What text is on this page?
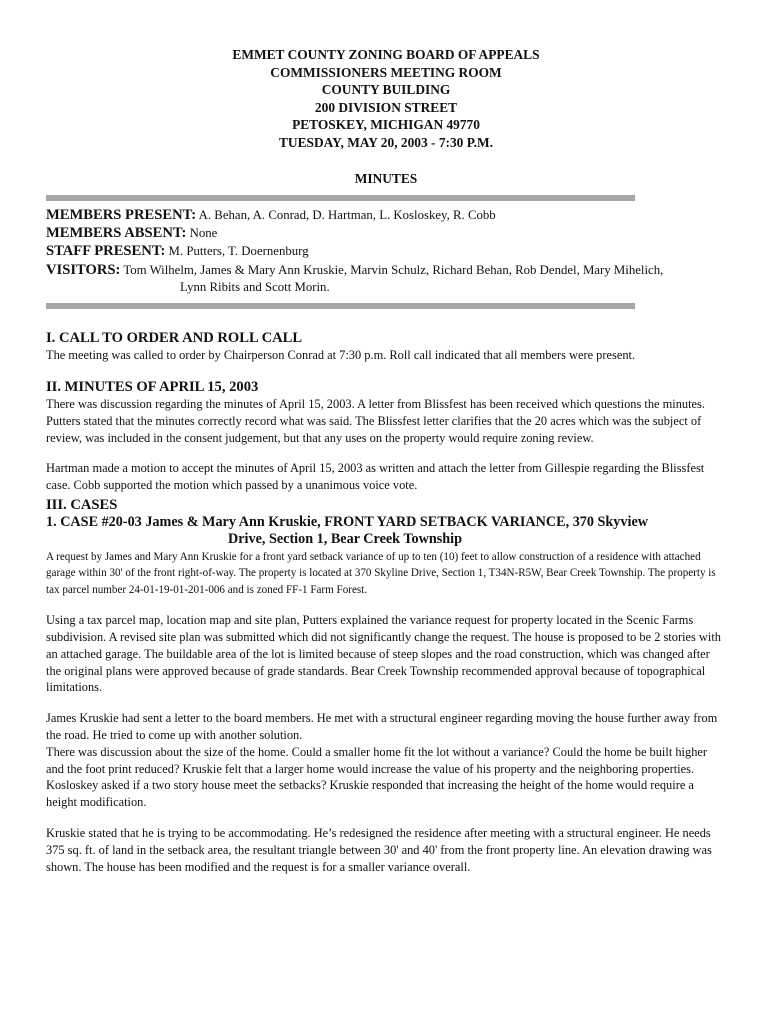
EMMET COUNTY ZONING BOARD OF APPEALS
COMMISSIONERS MEETING ROOM
COUNTY BUILDING
200 DIVISION STREET
PETOSKEY, MICHIGAN 49770
TUESDAY, MAY 20, 2003 - 7:30 P.M.
MINUTES
MEMBERS PRESENT: A. Behan, A. Conrad, D. Hartman, L. Kosloskey, R. Cobb
MEMBERS ABSENT: None
STAFF PRESENT: M. Putters, T. Doernenburg
VISITORS: Tom Wilhelm, James & Mary Ann Kruskie, Marvin Schulz, Richard Behan, Rob Dendel, Mary Mihelich,
Lynn Ribits and Scott Morin.
I. CALL TO ORDER AND ROLL CALL

The meeting was called to order by Chairperson Conrad at 7:30 p.m. Roll call indicated that all members were present.

II. MINUTES OF APRIL 15, 2003

There was discussion regarding the minutes of April 15, 2003. A letter from Blissfest has been received which questions the minutes. Putters stated that the minutes correctly record what was said. The Blissfest letter clarifies that the 20 acres which was the subject of review, was included in the consent judgement, but that any uses on the property would require zoning review.

Hartman made a motion to accept the minutes of April 15, 2003 as written and attach the letter from Gillespie regarding the Blissfest case. Cobb supported the motion which passed by a unanimous voice vote.

III. CASES
1. CASE #20-03 James & Mary Ann Kruskie, FRONT YARD SETBACK VARIANCE, 370 Skyview
Drive, Section 1, Bear Creek Township

A request by James and Mary Ann Kruskie for a front yard setback variance of up to ten (10) feet to allow construction of a residence with attached garage within 30' of the front right-of-way. The property is located at 370 Skyline Drive, Section 1, T34N-R5W, Bear Creek Township. The property is tax parcel number 24-01-19-01-201-006 and is zoned FF-1 Farm Forest.

Using a tax parcel map, location map and site plan, Putters explained the variance request for property located in the Scenic Farms subdivision. A revised site plan was submitted which did not significantly change the request. The house is proposed to be 2 stories with an attached garage. The buildable area of the lot is limited because of steep slopes and the road construction, which was changed after the original plans were approved because of grade standards. Bear Creek Township recommended approval because of topographical limitations.

James Kruskie had sent a letter to the board members. He met with a structural engineer regarding moving the house further away from the road. He tried to come up with another solution.

There was discussion about the size of the home. Could a smaller home fit the lot without a variance? Could the home be built higher and the foot print reduced? Kruskie felt that a larger home would increase the value of his property and the neighboring properties. Kosloskey asked if a two story house meet the setbacks? Kruskie responded that increasing the height of the home would require a height modification.

Kruskie stated that he is trying to be accommodating. He’s redesigned the residence after meeting with a structural engineer. He needs 375 sq. ft. of land in the setback area, the resultant triangle between 30' and 40' from the front property line. An elevation drawing was shown. The house has been modified and the request is for a smaller variance overall.
